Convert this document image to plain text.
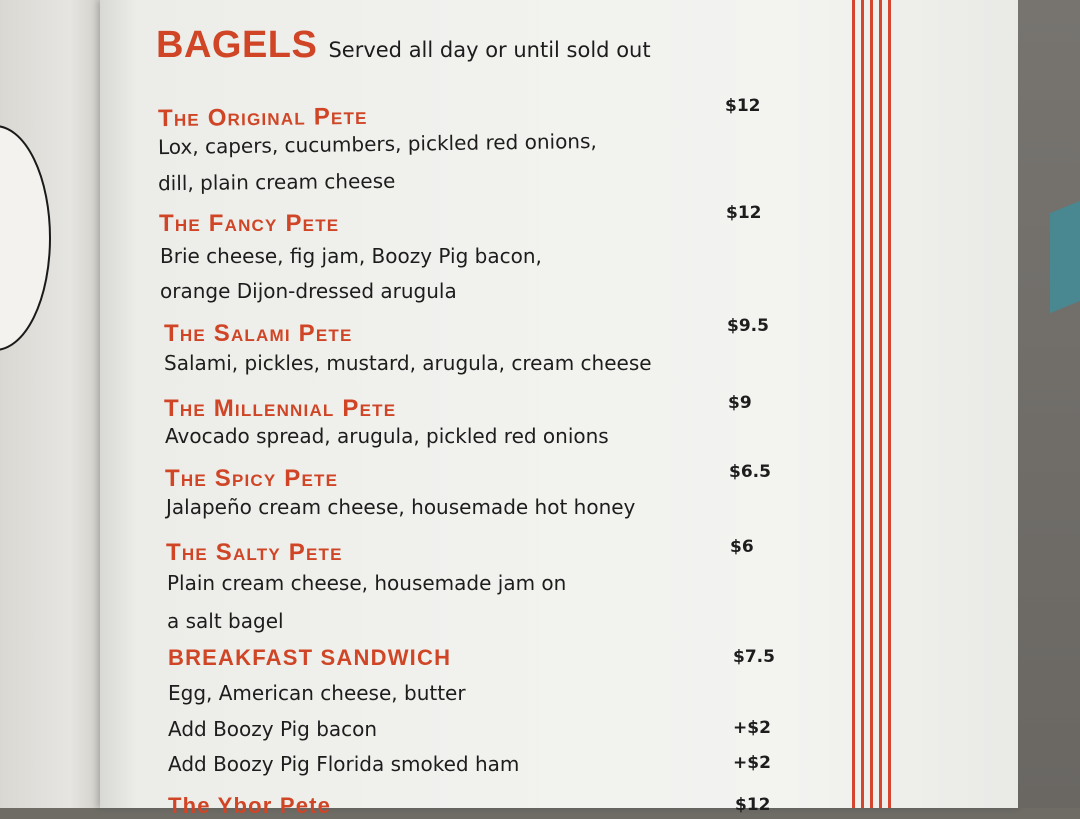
BAGELS Served all day or until sold out
The Original Pete	$12
Lox, capers, cucumbers, pickled red onions,
dill, plain cream cheese
The Fancy Pete	$12
Brie cheese, fig jam, Boozy Pig bacon,
orange Dijon-dressed arugula
The Salami Pete	$9.5
Salami, pickles, mustard, arugula, cream cheese
The Millennial Pete	$9
Avocado spread, arugula, pickled red onions
The Spicy Pete	$6.5
Jalapeño cream cheese, housemade hot honey
The Salty Pete	$6
Plain cream cheese, housemade jam on
a salt bagel
BREAKFAST SANDWICH	$7.5
Egg, American cheese, butter
Add Boozy Pig bacon	+$2
Add Boozy Pig Florida smoked ham	+$2
The Ybor Pete	$12
